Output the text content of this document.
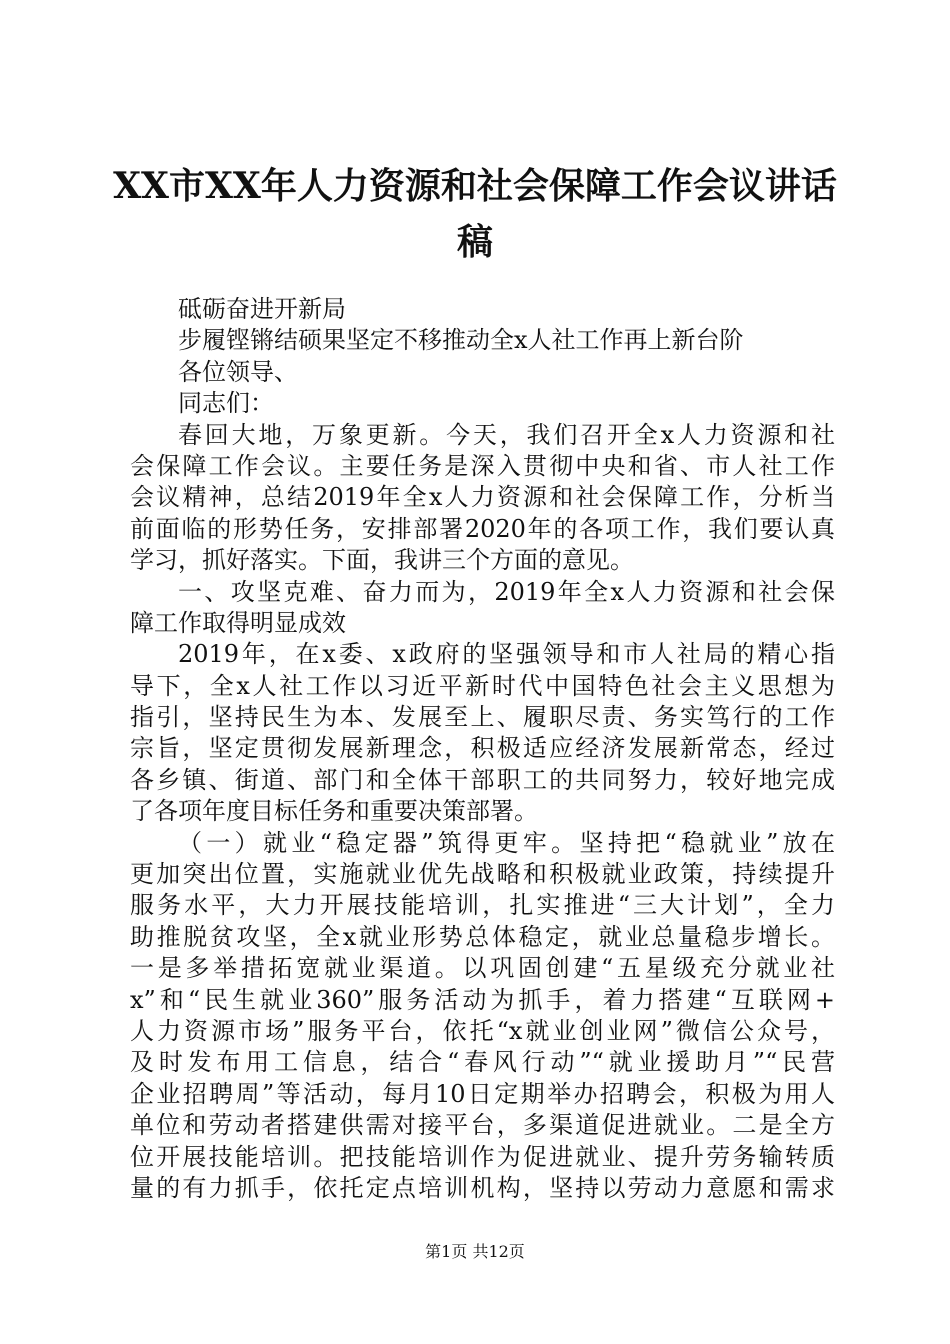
XX市XX年人力资源和社会保障工作会议讲话
稿
砥砺奋进开新局
步履铿锵结硕果坚定不移推动全x人社工作再上新台阶
各位领导、
同志们：
春回大地，万象更新。今天，我们召开全x人力资源和社
会保障工作会议。主要任务是深入贯彻中央和省、市人社工作
会议精神，总结2019年全x人力资源和社会保障工作，分析当
前面临的形势任务，安排部署2020年的各项工作，我们要认真
学习，抓好落实。下面，我讲三个方面的意见。
一、攻坚克难、奋力而为，2019年全x人力资源和社会保
障工作取得明显成效
2019年，在x委、x政府的坚强领导和市人社局的精心指
导下，全x人社工作以习近平新时代中国特色社会主义思想为
指引，坚持民生为本、发展至上、履职尽责、务实笃行的工作
宗旨，坚定贯彻发展新理念，积极适应经济发展新常态，经过
各乡镇、街道、部门和全体干部职工的共同努力，较好地完成
了各项年度目标任务和重要决策部署。
（一）就业“稳定器”筑得更牢。坚持把“稳就业”放在
更加突出位置，实施就业优先战略和积极就业政策，持续提升
服务水平，大力开展技能培训，扎实推进“三大计划”，全力
助推脱贫攻坚，全x就业形势总体稳定，就业总量稳步增长。
一是多举措拓宽就业渠道。以巩固创建“五星级充分就业社
x”和“民生就业360”服务活动为抓手，着力搭建“互联网+
人力资源市场”服务平台，依托“x就业创业网”微信公众号，
及时发布用工信息，结合“春风行动”“就业援助月”“民营
企业招聘周”等活动，每月10日定期举办招聘会，积极为用人
单位和劳动者搭建供需对接平台，多渠道促进就业。二是全方
位开展技能培训。把技能培训作为促进就业、提升劳务输转质
量的有力抓手，依托定点培训机构，坚持以劳动力意愿和需求
第1页 共12页
